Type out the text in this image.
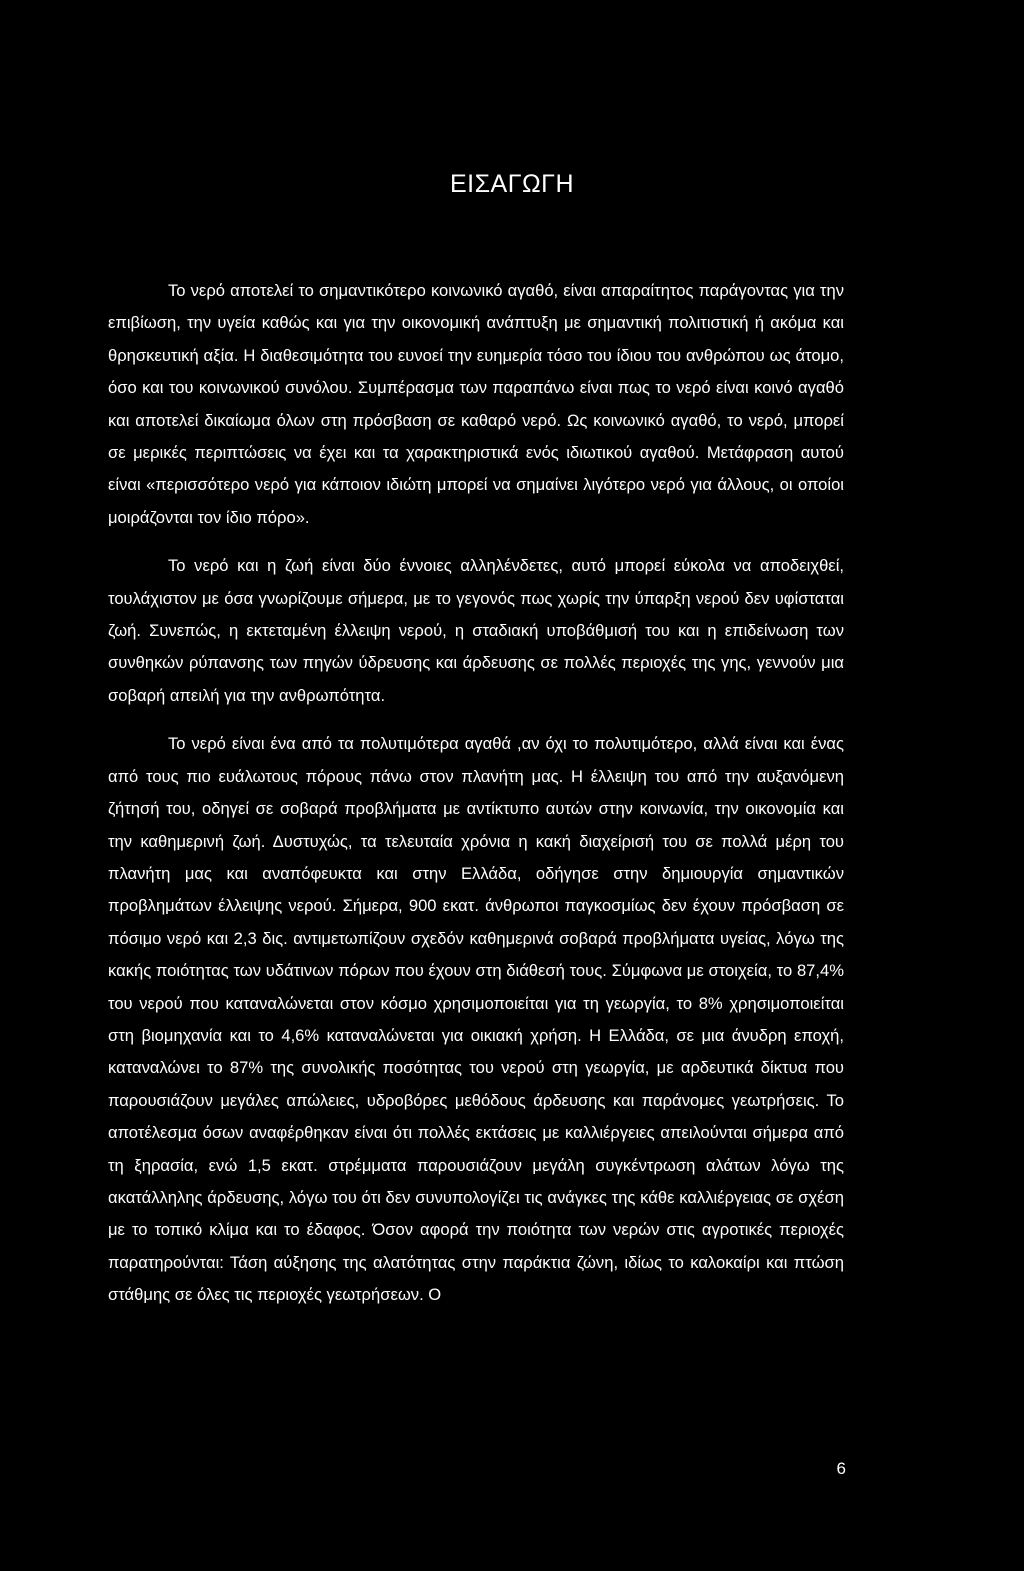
ΕΙΣΑΓΩΓΗ

Το νερό αποτελεί το σημαντικότερο κοινωνικό αγαθό, είναι απαραίτητος παράγοντας για την επιβίωση, την υγεία καθώς και για την οικονομική ανάπτυξη με σημαντική πολιτιστική ή ακόμα και θρησκευτική αξία. Η διαθεσιμότητα του ευνοεί την ευημερία τόσο του ίδιου του ανθρώπου ως άτομο, όσο και του κοινωνικού συνόλου. Συμπέρασμα των παραπάνω είναι πως το νερό είναι κοινό αγαθό και αποτελεί δικαίωμα όλων στη πρόσβαση σε καθαρό νερό. Ως κοινωνικό αγαθό, το νερό, μπορεί σε μερικές περιπτώσεις να έχει και τα χαρακτηριστικά ενός ιδιωτικού αγαθού. Μετάφραση αυτού είναι «περισσότερο νερό για κάποιον ιδιώτη μπορεί να σημαίνει λιγότερο νερό για άλλους, οι οποίοι μοιράζονται τον ίδιο πόρο».

Το νερό και η ζωή είναι δύο έννοιες αλληλένδετες, αυτό μπορεί εύκολα να αποδειχθεί, τουλάχιστον με όσα γνωρίζουμε σήμερα, με το γεγονός πως χωρίς την ύπαρξη νερού δεν υφίσταται ζωή. Συνεπώς, η εκτεταμένη έλλειψη νερού, η σταδιακή υποβάθμισή του και η επιδείνωση των συνθηκών ρύπανσης των πηγών ύδρευσης και άρδευσης σε πολλές περιοχές της γης, γεννούν μια σοβαρή απειλή για την ανθρωπότητα.

Το νερό είναι ένα από τα πολυτιμότερα αγαθά ,αν όχι το πολυτιμότερο, αλλά είναι και ένας από τους πιο ευάλωτους πόρους πάνω στον πλανήτη μας. Η έλλειψη του από την αυξανόμενη ζήτησή του, οδηγεί σε σοβαρά προβλήματα με αντίκτυπο αυτών στην κοινωνία, την οικονομία και την καθημερινή ζωή. Δυστυχώς, τα τελευταία χρόνια η κακή διαχείρισή του σε πολλά μέρη του πλανήτη μας και αναπόφευκτα και στην Ελλάδα, οδήγησε στην δημιουργία σημαντικών προβλημάτων έλλειψης νερού. Σήμερα, 900 εκατ. άνθρωποι παγκοσμίως δεν έχουν πρόσβαση σε πόσιμο νερό και 2,3 δις. αντιμετωπίζουν σχεδόν καθημερινά σοβαρά προβλήματα υγείας, λόγω της κακής ποιότητας των υδάτινων πόρων που έχουν στη διάθεσή τους. Σύμφωνα με στοιχεία, το 87,4% του νερού που καταναλώνεται στον κόσμο χρησιμοποιείται για τη γεωργία, το 8% χρησιμοποιείται στη βιομηχανία και το 4,6% καταναλώνεται για οικιακή χρήση. Η Ελλάδα, σε μια άνυδρη εποχή, καταναλώνει το 87% της συνολικής ποσότητας του νερού στη γεωργία, με αρδευτικά δίκτυα που παρουσιάζουν μεγάλες απώλειες, υδροβόρες μεθόδους άρδευσης και παράνομες γεωτρήσεις. Το αποτέλεσμα όσων αναφέρθηκαν είναι ότι πολλές εκτάσεις με καλλιέργειες απειλούνται σήμερα από τη ξηρασία, ενώ 1,5 εκατ. στρέμματα παρουσιάζουν μεγάλη συγκέντρωση αλάτων λόγω της ακατάλληλης άρδευσης, λόγω του ότι δεν συνυπολογίζει τις ανάγκες της κάθε καλλιέργειας σε σχέση με το τοπικό κλίμα και το έδαφος. Όσον αφορά την ποιότητα των νερών στις αγροτικές περιοχές παρατηρούνται: Τάση αύξησης της αλατότητας στην παράκτια ζώνη, ιδίως το καλοκαίρι και πτώση στάθμης σε όλες τις περιοχές γεωτρήσεων. Ο

6
